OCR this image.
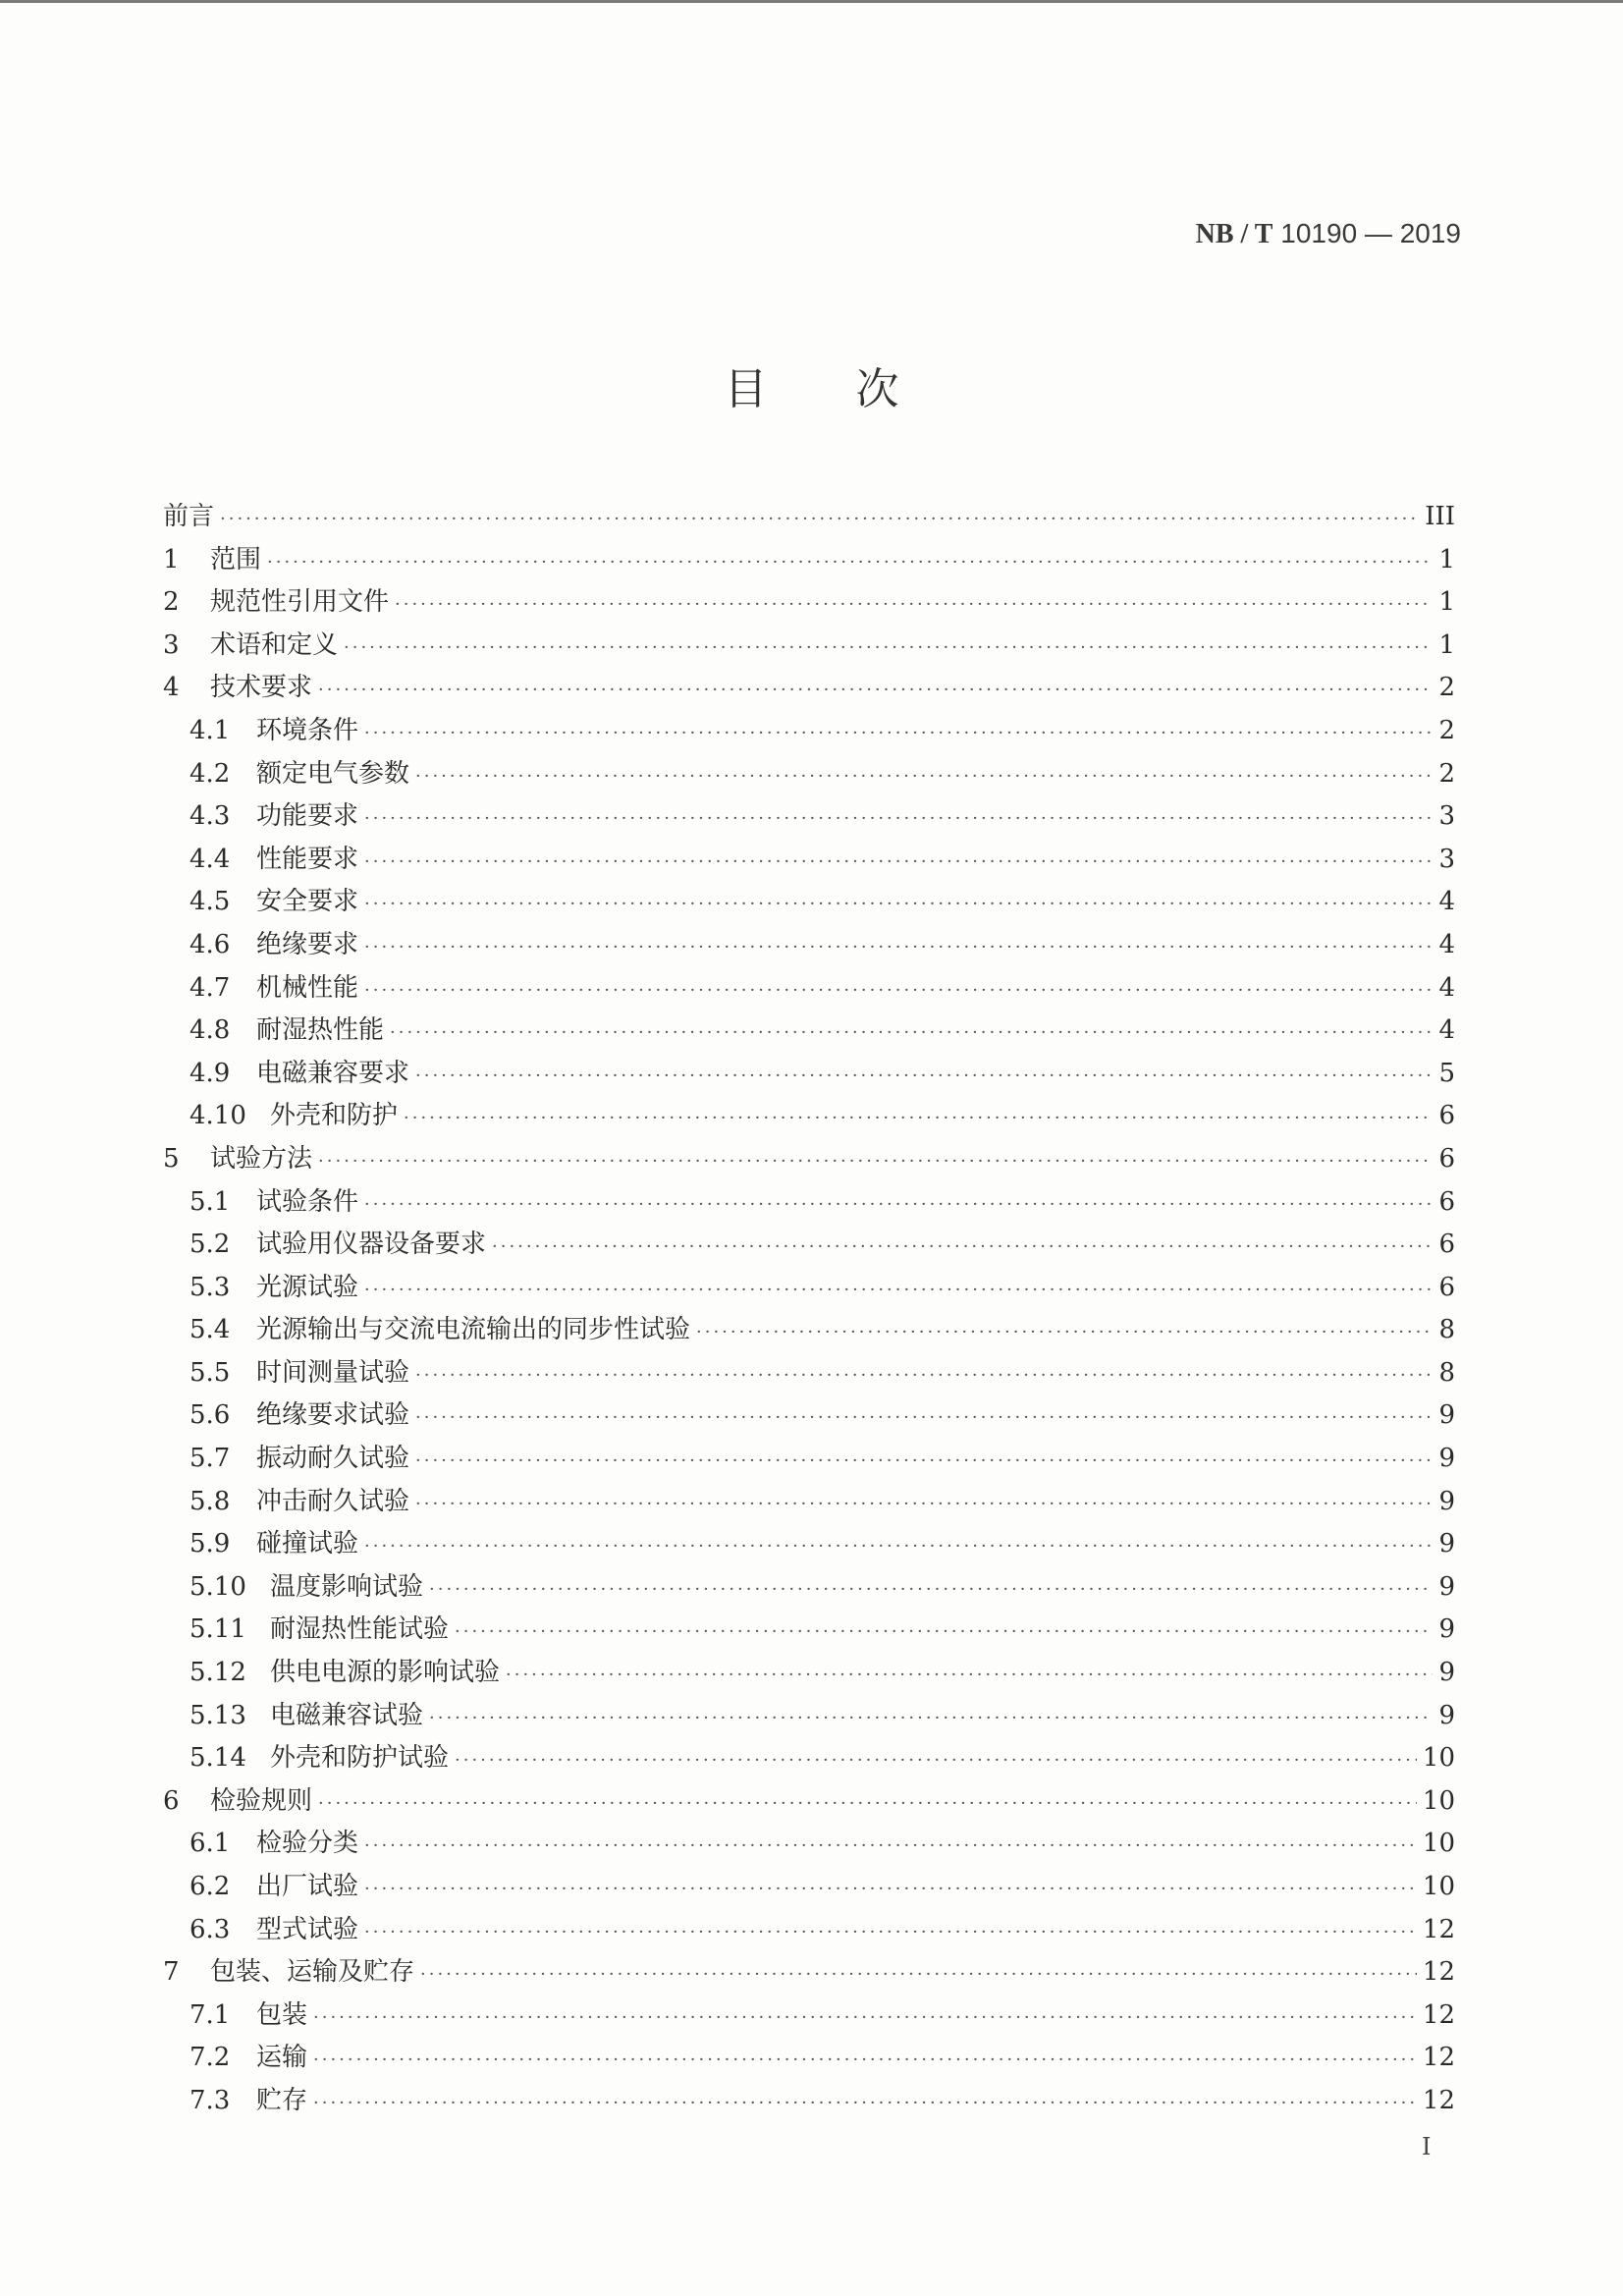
NB / T 10190 — 2019
目次
前言 ·····	III
1	范围 ·····	1
2	规范性引用文件 ·····	1
3	术语和定义 ·····	1
4	技术要求 ·····	2
4.1	环境条件 ·····	2
4.2	额定电气参数 ·····	2
4.3	功能要求 ·····	3
4.4	性能要求 ·····	3
4.5	安全要求 ·····	4
4.6	绝缘要求 ·····	4
4.7	机械性能 ·····	4
4.8	耐湿热性能 ·····	4
4.9	电磁兼容要求 ·····	5
4.10 外壳和防护 ·····	6
5	试验方法 ·····	6
5.1	试验条件 ·····	6
5.2	试验用仪器设备要求 ·····	6
5.3	光源试验 ·····	6
5.4	光源输出与交流电流输出的同步性试验 ·····	8
5.5	时间测量试验 ·····	8
5.6	绝缘要求试验 ·····	9
5.7	振动耐久试验 ·····	9
5.8	冲击耐久试验 ·····	9
5.9	碰撞试验 ·····	9
5.10 温度影响试验 ·····	9
5.11 耐湿热性能试验 ·····	9
5.12 供电电源的影响试验 ·····	9
5.13 电磁兼容试验 ·····	9
5.14 外壳和防护试验 ·····	10
6	检验规则 ·····	10
6.1	检验分类 ·····	10
6.2	出厂试验 ·····	10
6.3	型式试验 ·····	12
7	包装、运输及贮存 ·····	12
7.1	包装 ·····	12
7.2	运输 ·····	12
7.3	贮存 ·····	12
I
